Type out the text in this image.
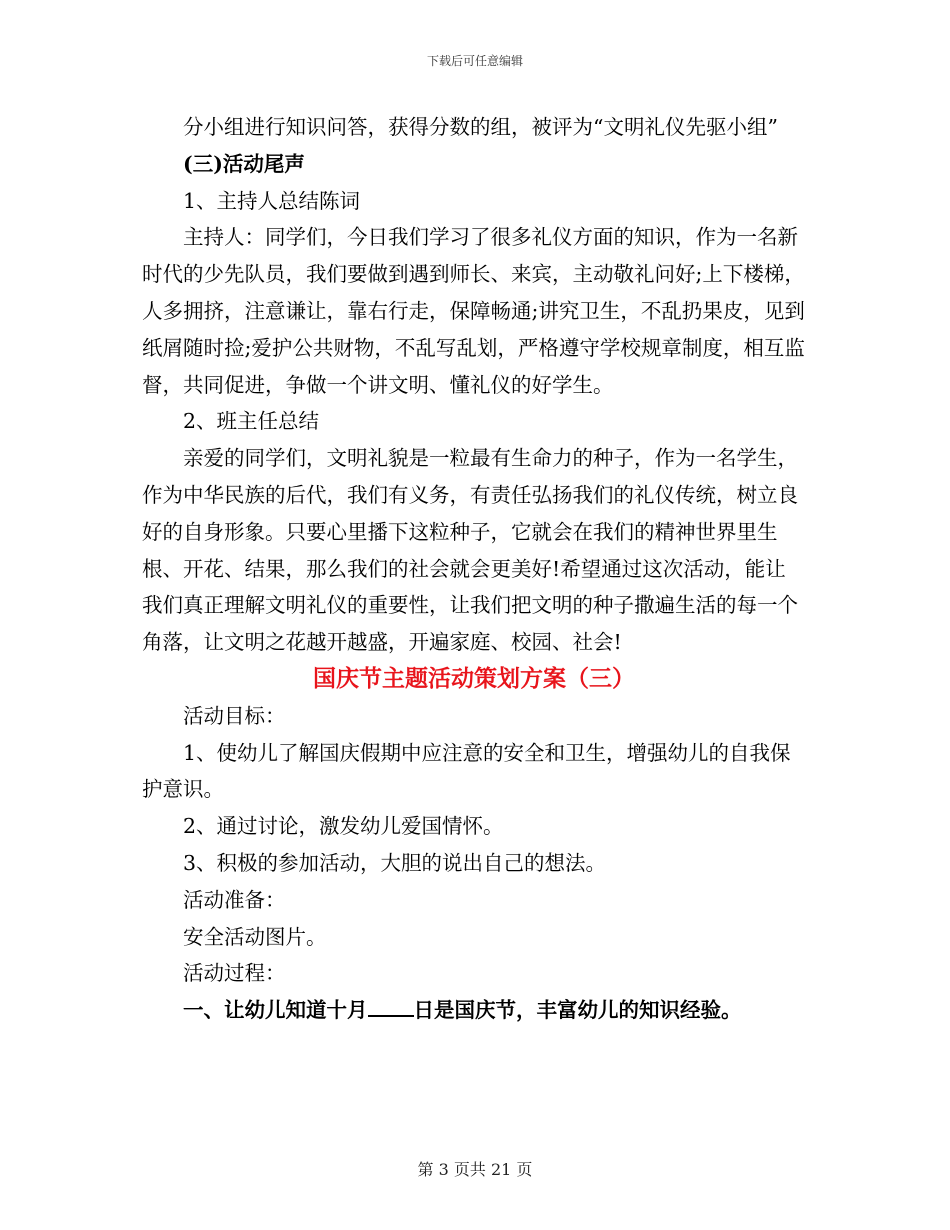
下载后可任意编辑

分小组进行知识问答，获得分数的组，被评为“文明礼仪先驱小组”

(三)活动尾声

1、主持人总结陈词

主持人：同学们，今日我们学习了很多礼仪方面的知识，作为一名新时代的少先队员，我们要做到遇到师长、来宾，主动敬礼问好;上下楼梯，人多拥挤，注意谦让，靠右行走，保障畅通;讲究卫生，不乱扔果皮，见到纸屑随时捡;爱护公共财物，不乱写乱划，严格遵守学校规章制度，相互监督，共同促进，争做一个讲文明、懂礼仪的好学生。

2、班主任总结

亲爱的同学们，文明礼貌是一粒最有生命力的种子，作为一名学生，作为中华民族的后代，我们有义务，有责任弘扬我们的礼仪传统，树立良好的自身形象。只要心里播下这粒种子，它就会在我们的精神世界里生根、开花、结果，那么我们的社会就会更美好!希望通过这次活动，能让我们真正理解文明礼仪的重要性，让我们把文明的种子撒遍生活的每一个角落，让文明之花越开越盛，开遍家庭、校园、社会!

国庆节主题活动策划方案（三）

活动目标：

1、使幼儿了解国庆假期中应注意的安全和卫生，增强幼儿的自我保护意识。

2、通过讨论，激发幼儿爱国情怀。

3、积极的参加活动，大胆的说出自己的想法。

活动准备：

安全活动图片。

活动过程：

一、让幼儿知道十月 日是国庆节，丰富幼儿的知识经验。

第 3 页共 21 页
